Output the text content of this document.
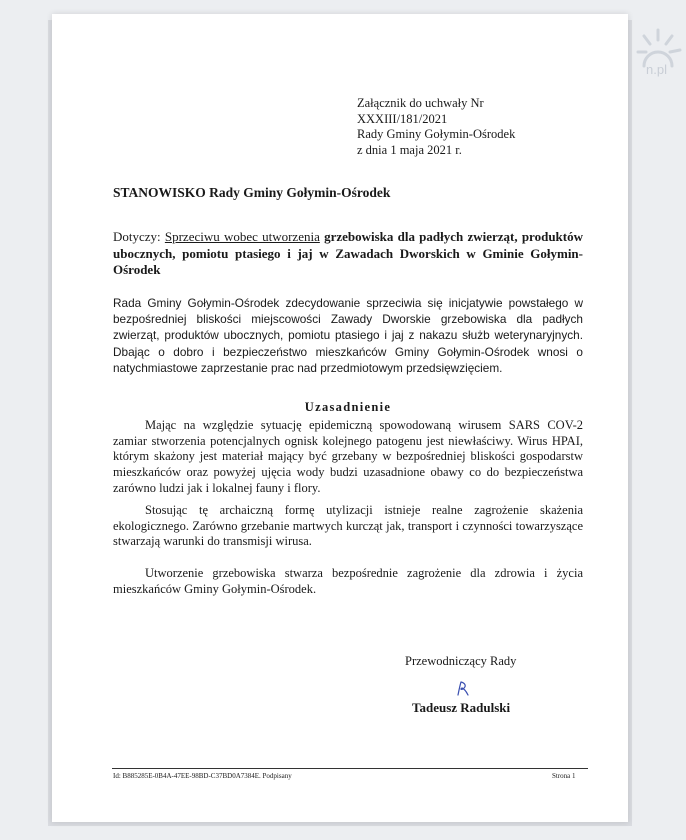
n.pl
Załącznik do uchwały Nr
XXXIII/181/2021
Rady Gminy Gołymin-Ośrodek
z dnia 1 maja 2021 r.
STANOWISKO Rady Gminy Gołymin-Ośrodek
Dotyczy: Sprzeciwu wobec utworzenia grzebowiska dla padłych zwierząt, produktów ubocznych, pomiotu ptasiego i jaj w Zawadach Dworskich w Gminie Gołymin-Ośrodek
Rada Gminy Gołymin-Ośrodek zdecydowanie sprzeciwia się inicjatywie powstałego w bezpośredniej bliskości miejscowości Zawady Dworskie grzebowiska dla padłych zwierząt, produktów ubocznych, pomiotu ptasiego i jaj z nakazu służb weterynaryjnych. Dbając o dobro i bezpieczeństwo mieszkańców Gminy Gołymin-Ośrodek wnosi o natychmiastowe zaprzestanie prac nad przedmiotowym przedsięwzięciem.
Uzasadnienie
Mając na względzie sytuację epidemiczną spowodowaną wirusem SARS COV-2 zamiar stworzenia potencjalnych ognisk kolejnego patogenu jest niewłaściwy. Wirus HPAI, którym skażony jest materiał mający być grzebany w bezpośredniej bliskości gospodarstw mieszkańców oraz powyżej ujęcia wody budzi uzasadnione obawy co do bezpieczeństwa zarówno ludzi jak i lokalnej fauny i flory.
Stosując tę archaiczną formę utylizacji istnieje realne zagrożenie skażenia ekologicznego. Zarówno grzebanie martwych kurcząt jak, transport i czynności towarzyszące stwarzają warunki do transmisji wirusa.
Utworzenie grzebowiska stwarza bezpośrednie zagrożenie dla zdrowia i życia mieszkańców Gminy Gołymin-Ośrodek.
Przewodniczący Rady
Tadeusz Radulski
Id: B885285E-0B4A-47EE-98BD-C37BD0A7384E. Podpisany	Strona 1
